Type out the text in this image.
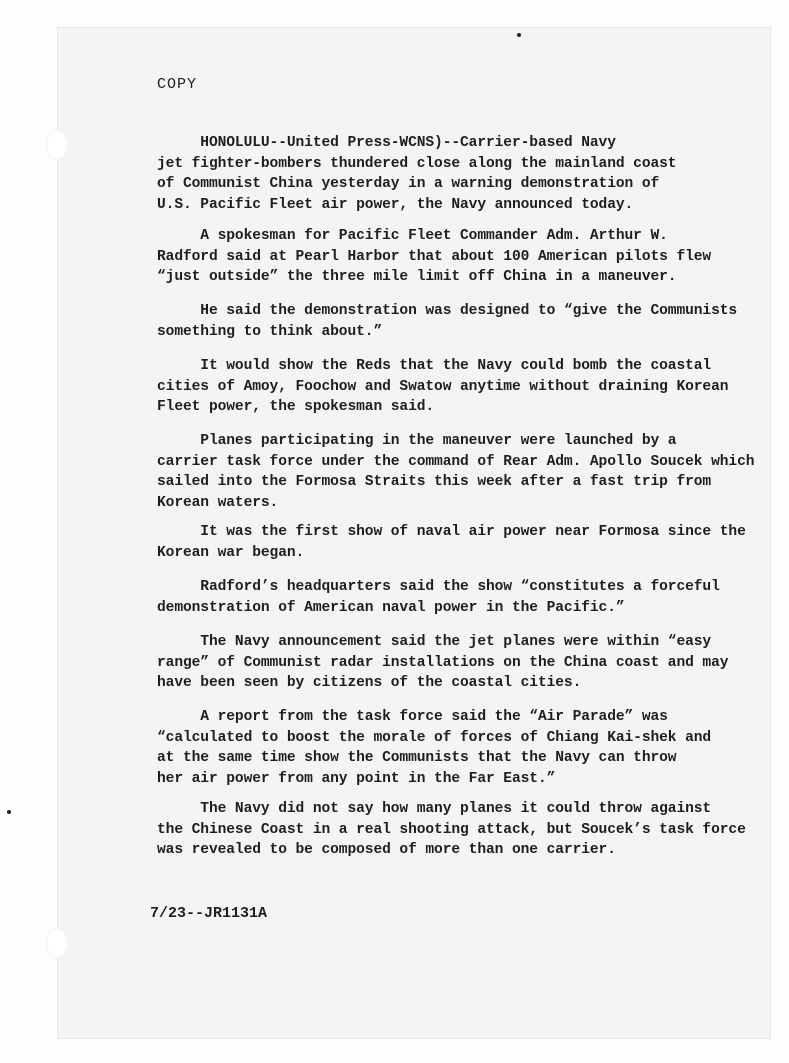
COPY

HONOLULU--United Press-WCNS)--Carrier-based Navy
jet fighter-bombers thundered close along the mainland coast
of Communist China yesterday in a warning demonstration of
U.S. Pacific Fleet air power, the Navy announced today.

A spokesman for Pacific Fleet Commander Adm. Arthur W.
Radford said at Pearl Harbor that about 100 American pilots flew
“just outside” the three mile limit off China in a maneuver.

He said the demonstration was designed to “give the Communists
something to think about.”

It would show the Reds that the Navy could bomb the coastal
cities of Amoy, Foochow and Swatow anytime without draining Korean
Fleet power, the spokesman said.

Planes participating in the maneuver were launched by a
carrier task force under the command of Rear Adm. Apollo Soucek which
sailed into the Formosa Straits this week after a fast trip from
Korean waters.

It was the first show of naval air power near Formosa since the
Korean war began.

Radford’s headquarters said the show “constitutes a forceful
demonstration of American naval power in the Pacific.”

The Navy announcement said the jet planes were within “easy
range” of Communist radar installations on the China coast and may
have been seen by citizens of the coastal cities.

A report from the task force said the “Air Parade” was
“calculated to boost the morale of forces of Chiang Kai-shek and
at the same time show the Communists that the Navy can throw
her air power from any point in the Far East.”

The Navy did not say how many planes it could throw against
the Chinese Coast in a real shooting attack, but Soucek’s task force
was revealed to be composed of more than one carrier.

7/23--JR1131A
